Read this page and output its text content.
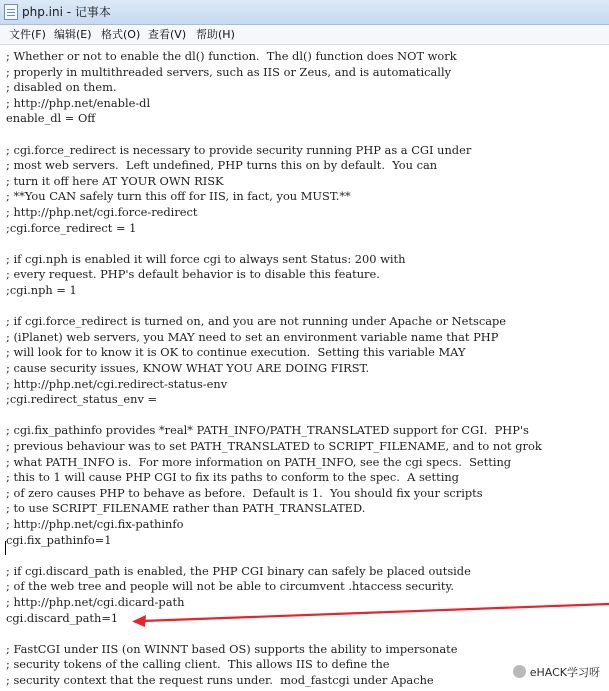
php.ini - 记事本
文件(F) 编辑(E) 格式(O) 查看(V) 帮助(H)
; Whether or not to enable the dl() function.  The dl() function does NOT work
; properly in multithreaded servers, such as IIS or Zeus, and is automatically
; disabled on them.
; http://php.net/enable-dl
enable_dl = Off
; cgi.force_redirect is necessary to provide security running PHP as a CGI under
; most web servers.  Left undefined, PHP turns this on by default.  You can
; turn it off here AT YOUR OWN RISK
; **You CAN safely turn this off for IIS, in fact, you MUST.**
; http://php.net/cgi.force-redirect
;cgi.force_redirect = 1
; if cgi.nph is enabled it will force cgi to always sent Status: 200 with
; every request. PHP's default behavior is to disable this feature.
;cgi.nph = 1
; if cgi.force_redirect is turned on, and you are not running under Apache or Netscape
; (iPlanet) web servers, you MAY need to set an environment variable name that PHP
; will look for to know it is OK to continue execution.  Setting this variable MAY
; cause security issues, KNOW WHAT YOU ARE DOING FIRST.
; http://php.net/cgi.redirect-status-env
;cgi.redirect_status_env =
; cgi.fix_pathinfo provides *real* PATH_INFO/PATH_TRANSLATED support for CGI.  PHP's
; previous behaviour was to set PATH_TRANSLATED to SCRIPT_FILENAME, and to not grok
; what PATH_INFO is.  For more information on PATH_INFO, see the cgi specs.  Setting
; this to 1 will cause PHP CGI to fix its paths to conform to the spec.  A setting
; of zero causes PHP to behave as before.  Default is 1.  You should fix your scripts
; to use SCRIPT_FILENAME rather than PATH_TRANSLATED.
; http://php.net/cgi.fix-pathinfo
cgi.fix_pathinfo=1
; if cgi.discard_path is enabled, the PHP CGI binary can safely be placed outside
; of the web tree and people will not be able to circumvent .htaccess security.
; http://php.net/cgi.dicard-path
cgi.discard_path=1
; FastCGI under IIS (on WINNT based OS) supports the ability to impersonate
; security tokens of the calling client.  This allows IIS to define the
; security context that the request runs under.  mod_fastcgi under Apache
eHACK学习呀
